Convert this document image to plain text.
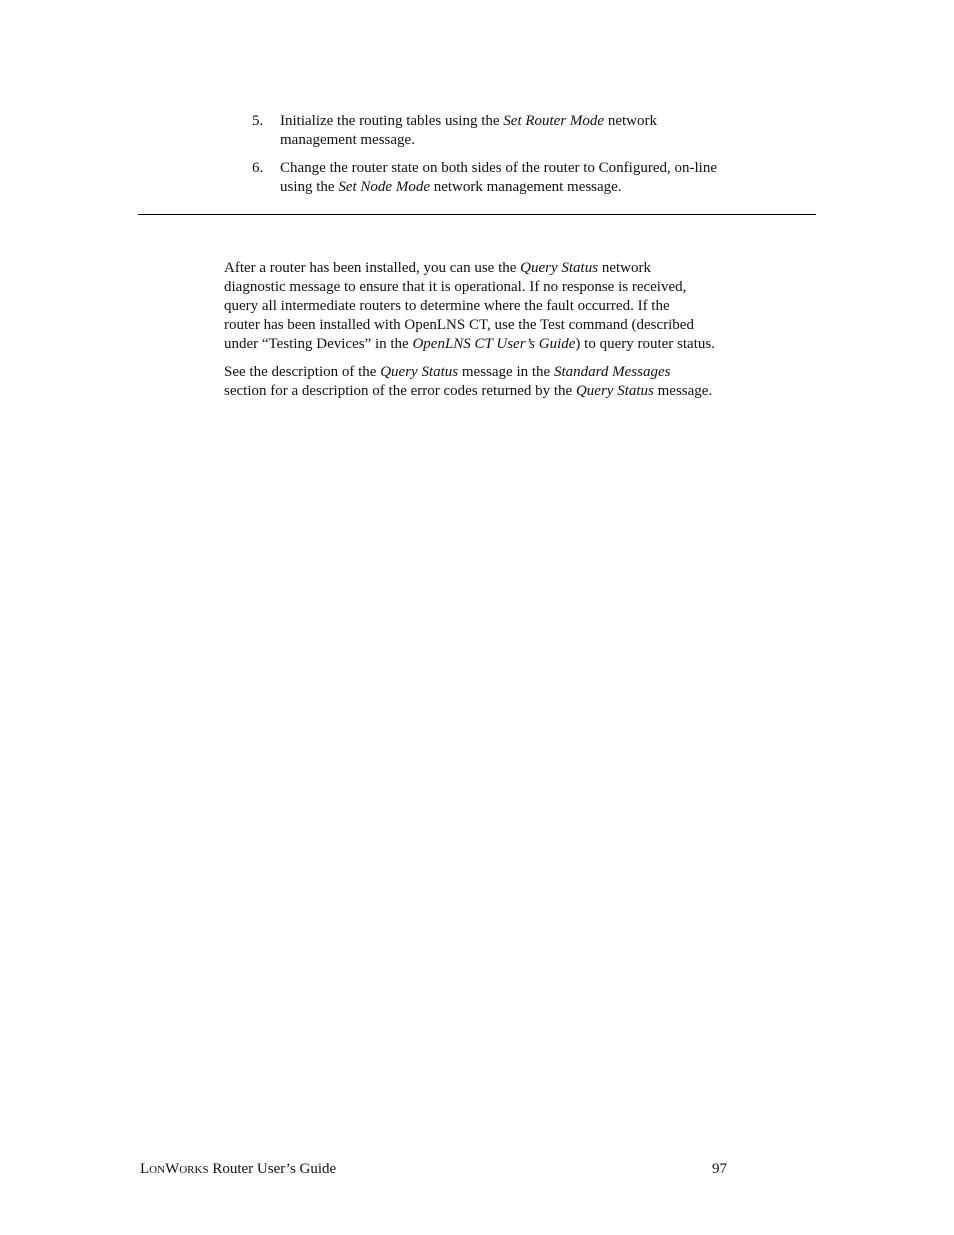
5. Initialize the routing tables using the Set Router Mode network
management message.
6. Change the router state on both sides of the router to Configured, on-line
using the Set Node Mode network management message.

After a router has been installed, you can use the Query Status network
diagnostic message to ensure that it is operational. If no response is received,
query all intermediate routers to determine where the fault occurred. If the
router has been installed with OpenLNS CT, use the Test command (described
under “Testing Devices” in the OpenLNS CT User’s Guide) to query router status.

See the description of the Query Status message in the Standard Messages
section for a description of the error codes returned by the Query Status message.

LONWORKS Router User’s Guide	97
